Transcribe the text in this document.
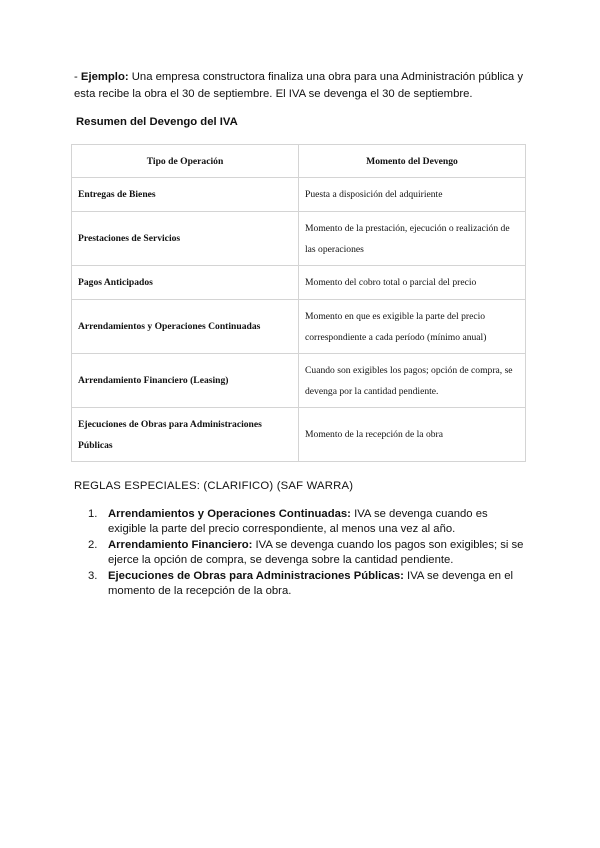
- Ejemplo: Una empresa constructora finaliza una obra para una Administración pública y esta recibe la obra el 30 de septiembre. El IVA se devenga el 30 de septiembre.

Resumen del Devengo del IVA

Tipo de Operación	Momento del Devengo
Entregas de Bienes	Puesta a disposición del adquiriente
Prestaciones de Servicios	Momento de la prestación, ejecución o realización de las operaciones
Pagos Anticipados	Momento del cobro total o parcial del precio
Arrendamientos y Operaciones Continuadas	Momento en que es exigible la parte del precio correspondiente a cada período (mínimo anual)
Arrendamiento Financiero (Leasing)	Cuando son exigibles los pagos; opción de compra, se devenga por la cantidad pendiente.
Ejecuciones de Obras para Administraciones Públicas	Momento de la recepción de la obra

REGLAS ESPECIALES: (CLARIFICO) (SAF WARRA)

1. Arrendamientos y Operaciones Continuadas: IVA se devenga cuando es exigible la parte del precio correspondiente, al menos una vez al año.
2. Arrendamiento Financiero: IVA se devenga cuando los pagos son exigibles; si se ejerce la opción de compra, se devenga sobre la cantidad pendiente.
3. Ejecuciones de Obras para Administraciones Públicas: IVA se devenga en el momento de la recepción de la obra.
